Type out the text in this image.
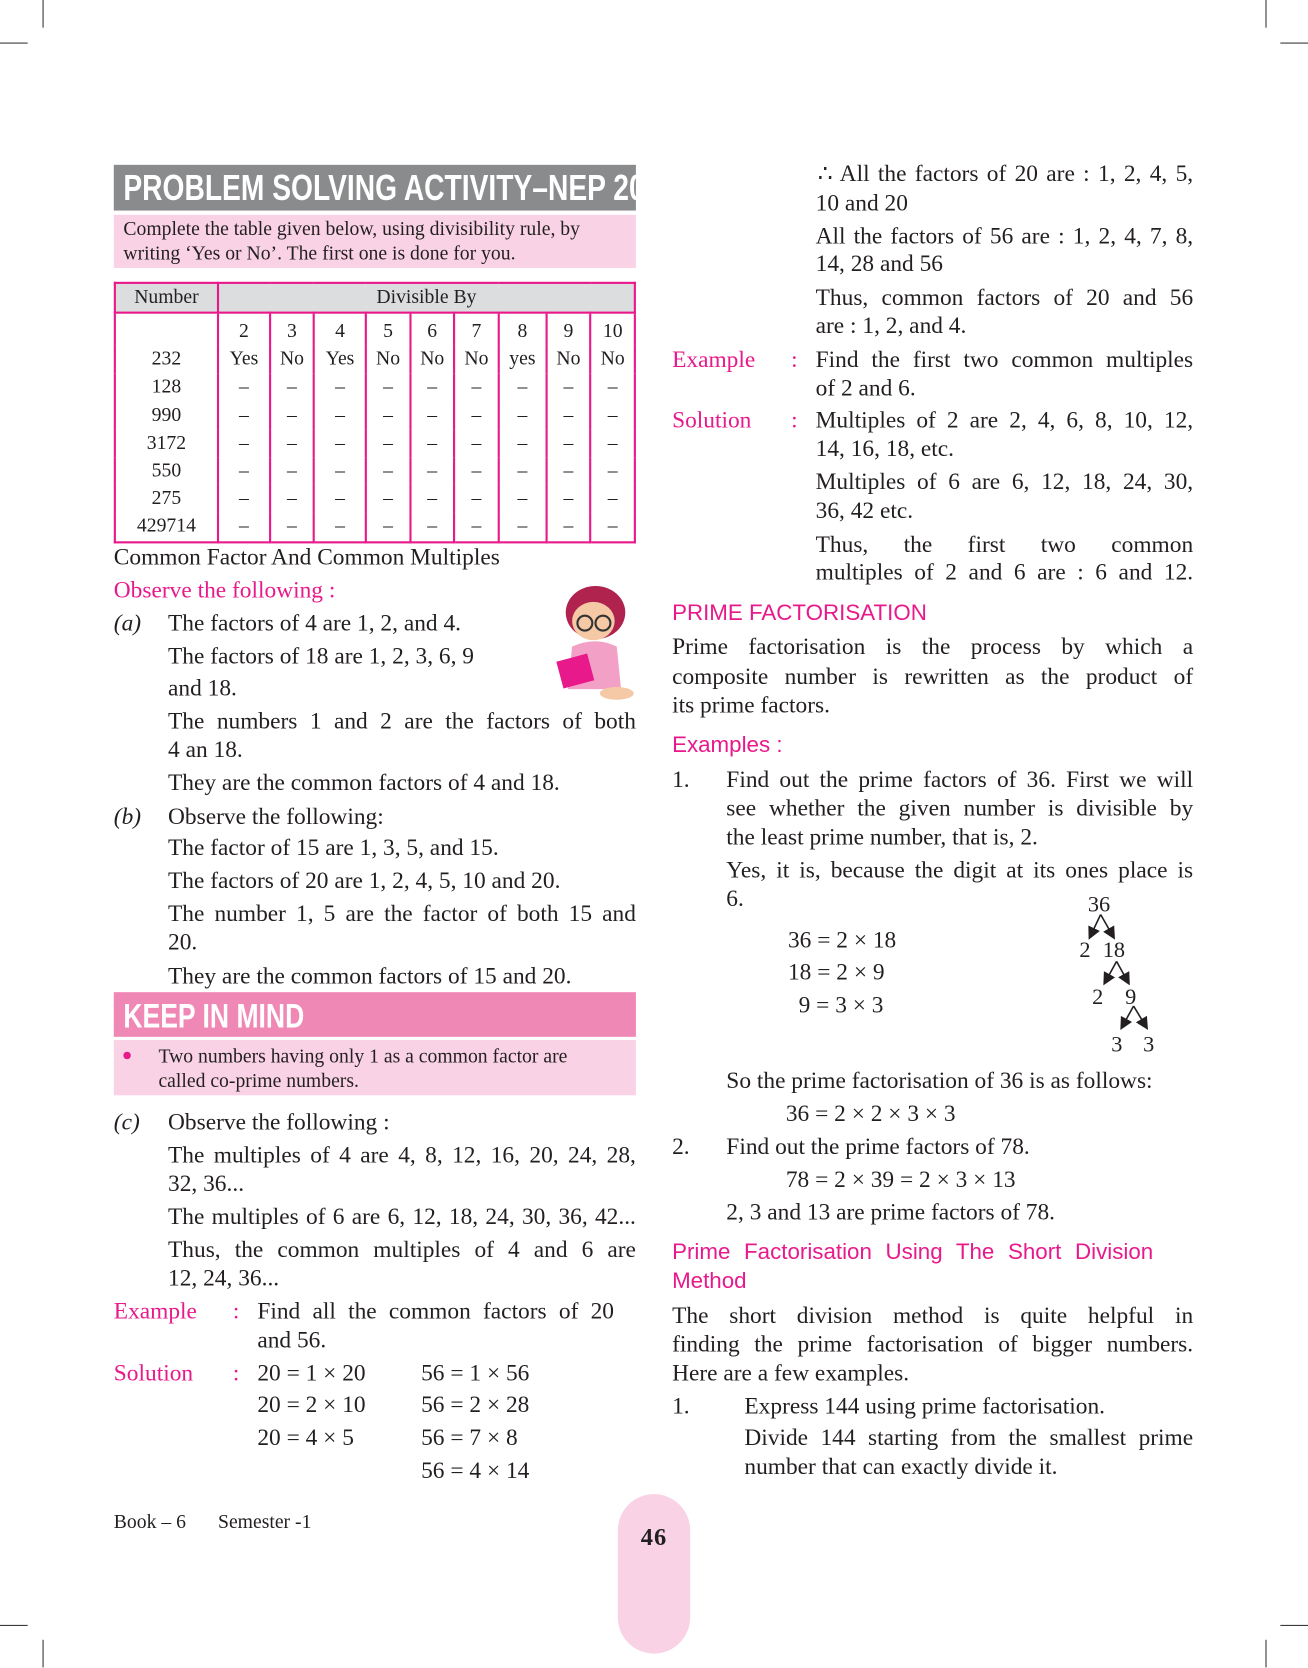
PROBLEM SOLVING ACTIVITY–NEP 2020
Complete the table given below, using divisibility rule, by
writing ‘Yes or No’. The first one is done for you.
Number	Divisible By								
	2	3	4	5	6	7	8	9	10
232	Yes	No	Yes	No	No	No	yes	No	No
128	–	–	–	–	–	–	–	–	–
990	–	–	–	–	–	–	–	–	–
3172	–	–	–	–	–	–	–	–	–
550	–	–	–	–	–	–	–	–	–
275	–	–	–	–	–	–	–	–	–
429714	–	–	–	–	–	–	–	–	–
Common Factor And Common Multiples
Observe the following :
(a) The factors of 4 are 1, 2, and 4.
The factors of 18 are 1, 2, 3, 6, 9
and 18.
The numbers 1 and 2 are the factors of both
4 an 18.
They are the common factors of 4 and 18.
(b) Observe the following:
The factor of 15 are 1, 3, 5, and 15.
The factors of 20 are 1, 2, 4, 5, 10 and 20.
The number 1, 5 are the factor of both 15 and
20.
They are the common factors of 15 and 20.
KEEP IN MIND
Two numbers having only 1 as a common factor are
called co-prime numbers.
(c) Observe the following :
The multiples of 4 are 4, 8, 12, 16, 20, 24, 28,
32, 36...
The multiples of 6 are 6, 12, 18, 24, 30, 36, 42...
Thus, the common multiples of 4 and 6 are
12, 24, 36...
Example : Find all the common factors of 20
and 56.
Solution : 20 = 1 × 20
20 = 2 × 10
20 = 4 × 5
56 = 1 × 56
56 = 2 × 28
56 = 7 × 8
56 = 4 × 14
Book – 6 Semester -1
46
∴ All the factors of 20 are : 1, 2, 4, 5,
10 and 20
All the factors of 56 are : 1, 2, 4, 7, 8,
14, 28 and 56
Thus, common factors of 20 and 56
are : 1, 2, and 4.
Example :
Solution :
Find the first two common multiples
of 2 and 6.
Multiples of 2 are 2, 4, 6, 8, 10, 12,
14, 16, 18, etc.
Multiples of 6 are 6, 12, 18, 24, 30,
36, 42 etc.
Thus, the first two common
multiples of 2 and 6 are : 6 and 12.
PRIME FACTORISATION
Examples :
1.
2.
Prime Factorisation Using The Short Division
Method
1.
Prime factorisation is the process by which a
composite number is rewritten as the product of
its prime factors.
Find out the prime factors of 36. First we will
see whether the given number is divisible by
the least prime number, that is, 2.
Yes, it is, because the digit at its ones place is
6.
36 = 2 × 18
18 = 2 × 9
9 = 3 × 3
So the prime factorisation of 36 is as follows:
36 = 2 × 2 × 3 × 3
Find out the prime factors of 78.
78 = 2 × 39 = 2 × 3 × 13
2, 3 and 13 are prime factors of 78.
The short division method is quite helpful in
finding the prime factorisation of bigger numbers.
Here are a few examples.
Express 144 using prime factorisation.
Divide 144 starting from the smallest prime
number that can exactly divide it.
36
2 18
2 9
3 3
